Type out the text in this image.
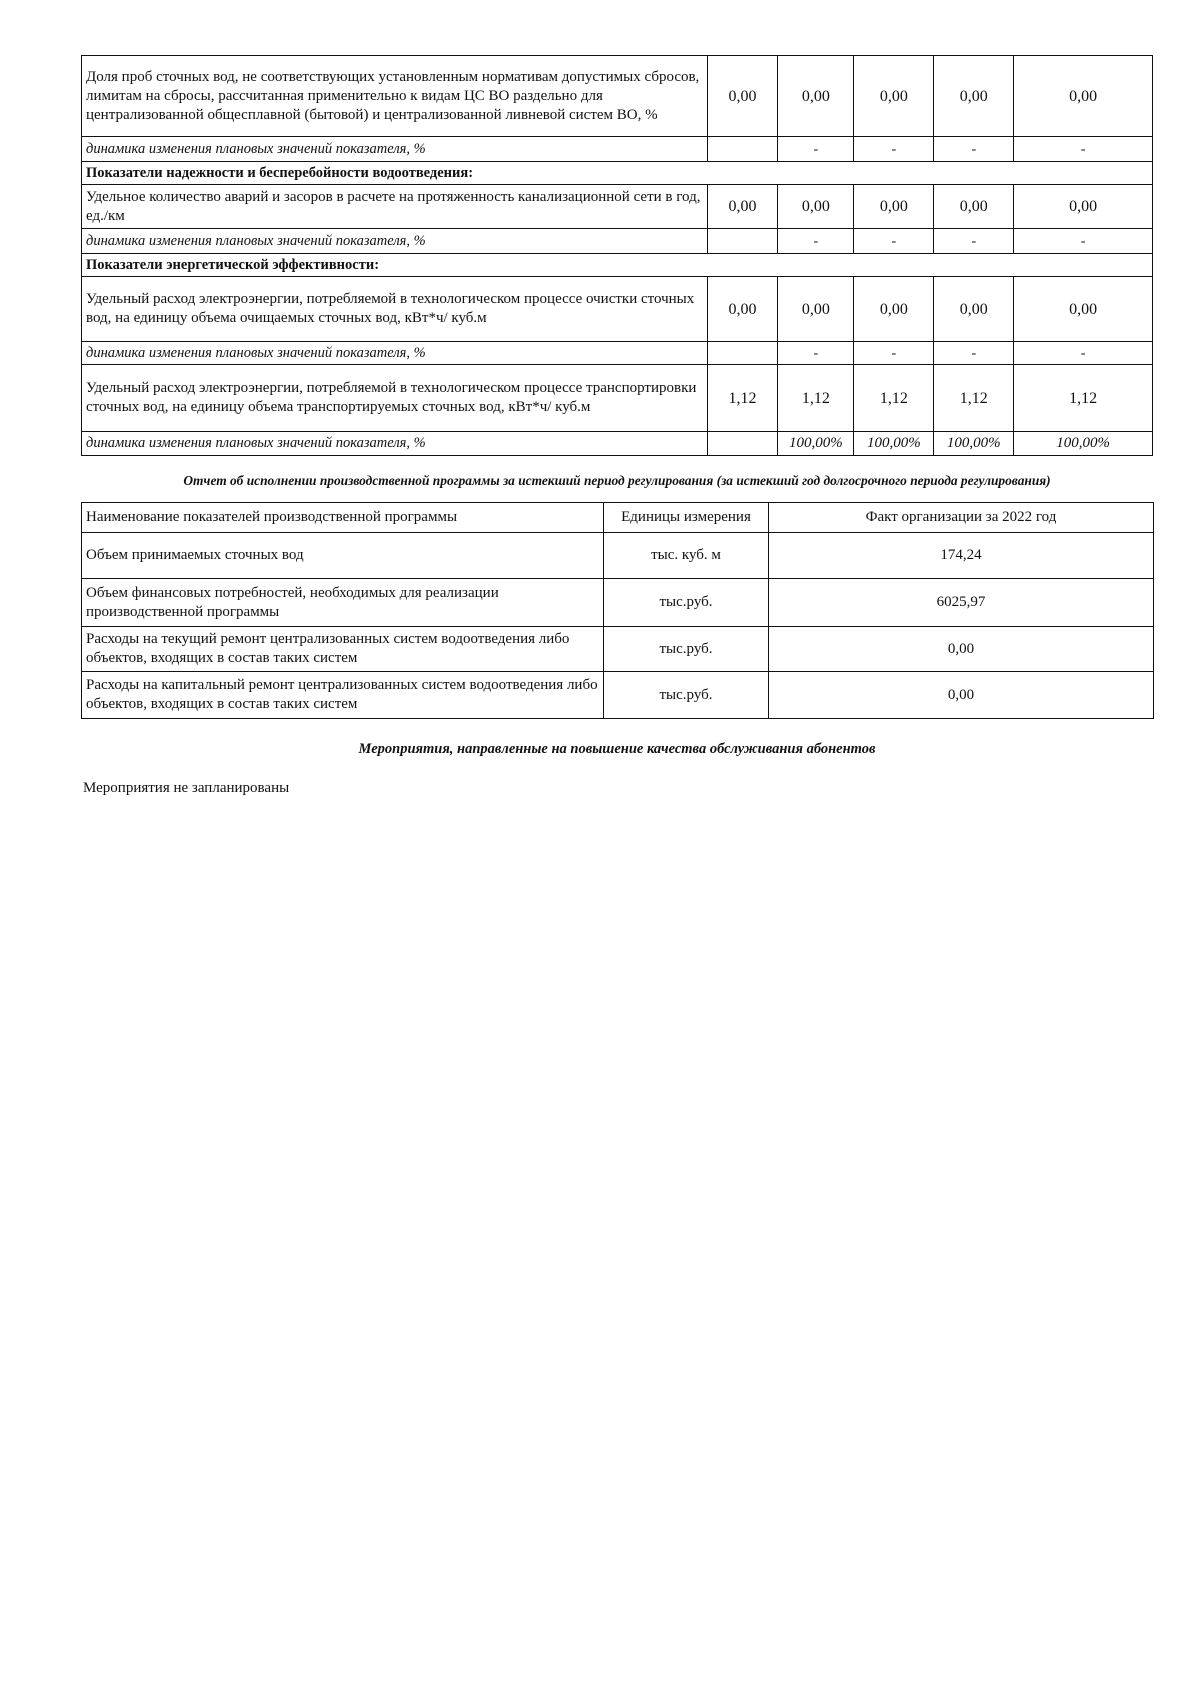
Доля проб сточных вод, не соответствующих установленным нормативам допустимых сбросов, лимитам на сбросы, рассчитанная применительно к видам ЦС ВО раздельно для централизованной общесплавной (бытовой) и централизованной ливневой систем ВО, %	0,00	0,00	0,00	0,00	0,00
динамика изменения плановых значений показателя, %		-	-	-	-
Показатели надежности и бесперебойности водоотведения:					
Удельное количество аварий и засоров в расчете на протяженность канализационной сети в год, ед./км	0,00	0,00	0,00	0,00	0,00
динамика изменения плановых значений показателя, %		-	-	-	-
Показатели энергетической эффективности:					
Удельный расход электроэнергии, потребляемой в технологическом процессе очистки сточных вод, на единицу объема очищаемых сточных вод, кВт*ч/ куб.м	0,00	0,00	0,00	0,00	0,00
динамика изменения плановых значений показателя, %		-	-	-	-
Удельный расход электроэнергии, потребляемой в технологическом процессе транспортировки сточных вод, на единицу объема транспортируемых сточных вод, кВт*ч/ куб.м	1,12	1,12	1,12	1,12	1,12
динамика изменения плановых значений показателя, %		100,00%	100,00%	100,00%	100,00%
Отчет об исполнении производственной программы за истекший период регулирования (за истекший год долгосрочного периода регулирования)					
Наименование показателей производственной программы	Единицы измерения	Факт организации за 2022 год
Объем принимаемых сточных вод	тыс. куб. м	174,24
Объем финансовых потребностей, необходимых для реализации производственной программы	тыс.руб.	6025,97
Расходы на текущий ремонт централизованных систем водоотведения либо объектов, входящих в состав таких систем	тыс.руб.	0,00
Расходы на капитальный ремонт централизованных систем водоотведения либо объектов, входящих в состав таких систем	тыс.руб.	0,00
Мероприятия, направленные на повышение качества обслуживания абонентов
Мероприятия не запланированы
